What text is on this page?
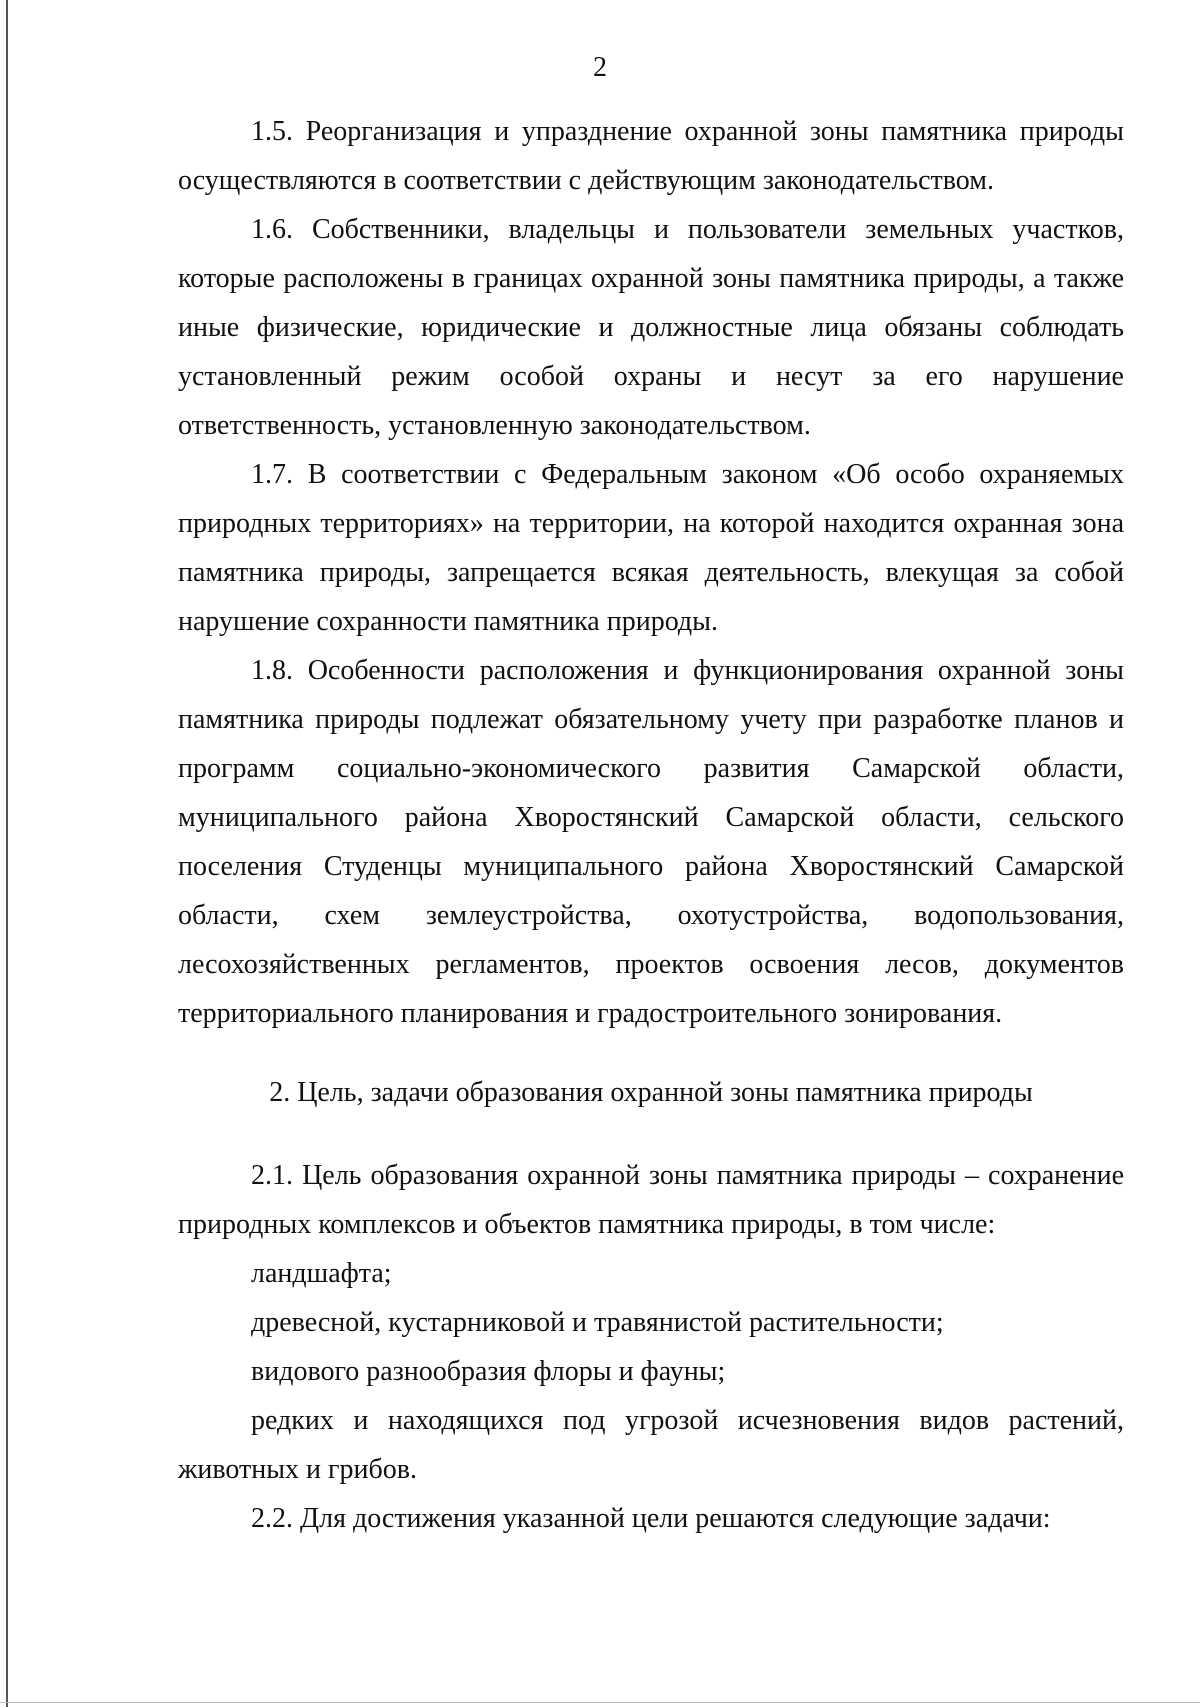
2

1.5. Реорганизация и упразднение охранной зоны памятника природы осуществляются в соответствии с действующим законодательством.

1.6. Собственники, владельцы и пользователи земельных участков, которые расположены в границах охранной зоны памятника природы, а также иные физические, юридические и должностные лица обязаны соблюдать установленный режим особой охраны и несут за его нарушение ответственность, установленную законодательством.

1.7. В соответствии с Федеральным законом «Об особо охраняемых природных территориях» на территории, на которой находится охранная зона памятника природы, запрещается всякая деятельность, влекущая за собой нарушение сохранности памятника природы.

1.8. Особенности расположения и функционирования охранной зоны памятника природы подлежат обязательному учету при разработке планов и программ социально-экономического развития Самарской области, муниципального района Хворостянский Самарской области, сельского поселения Студенцы муниципального района Хворостянский Самарской области, схем землеустройства, охотустройства, водопользования, лесохозяйственных регламентов, проектов освоения лесов, документов территориального планирования и градостроительного зонирования.

2. Цель, задачи образования охранной зоны памятника природы

2.1. Цель образования охранной зоны памятника природы – сохранение природных комплексов и объектов памятника природы, в том числе:

ландшафта;

древесной, кустарниковой и травянистой растительности;

видового разнообразия флоры и фауны;

редких и находящихся под угрозой исчезновения видов растений, животных и грибов.

2.2. Для достижения указанной цели решаются следующие задачи:
